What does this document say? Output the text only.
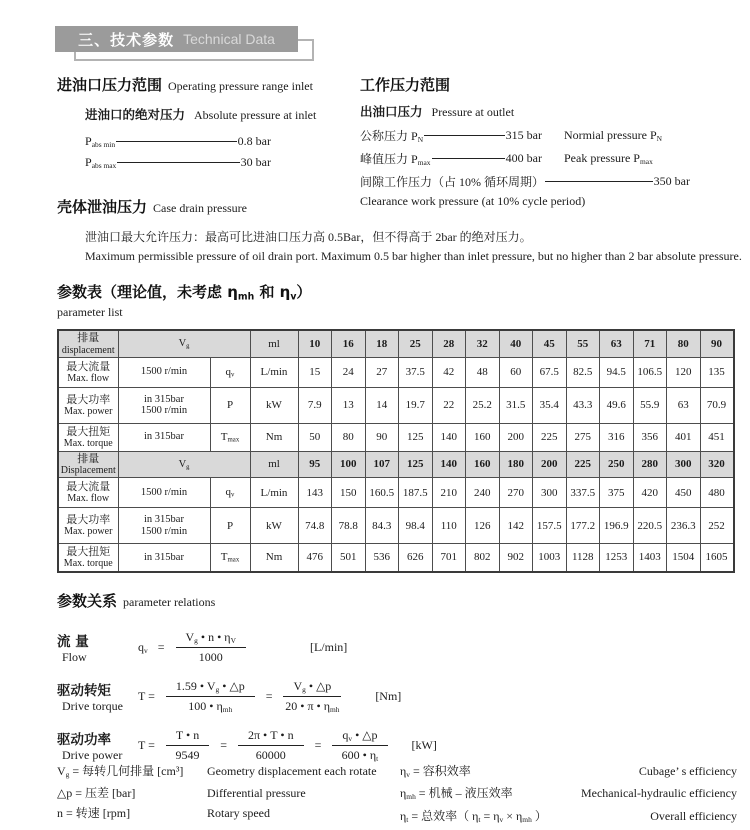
三、技术参数 Technical Data
进油口压力范围 Operating pressure range inlet
进油口的绝对压力 Absolute pressure at inlet
$P_{abs min}$	0.8 bar
$P_{abs max}$	30 bar
工作压力范围
出油口压力 Pressure at outlet
公称压力 $P_N$	315 bar Normial pressure $P_N$
峰值压力 $P_{max}$	400 bar Peak pressure $P_{max}$
间隙工作压力（占 10% 循环周期）	350 bar
Clearance work pressure (at 10% cycle period)
壳体泄油压力 Case drain pressure
泄油口最大允许压力：最高可比进油口压力高 0.5Bar，但不得高于 2bar 的绝对压力。
Maximum permissible pressure of oil drain port. Maximum 0.5 bar higher than inlet pressure, but no higher than 2 bar absolute pressure.
参数表（理论值，未考虑 $\eta_{mh}$ 和 $\eta_v$）
parameter list
排量
displacement	$V_g$		ml	10	16	18	25	28	32	40	45	55	63	71	80	90

最大流量
Max. flow	1500 r/min	$q_v$	L/min	15	24	27	37.5	42	48	60	67.5	82.5	94.5	106.5	120	135

最大功率
Max. power
	in 315bar
1500 r/min	P	kW	7.9	13	14	19.7	22	25.2	31.5	35.4	43.3	49.6	55.9	63	70.9

最大扭矩
Max. torque	in 315bar	$T_{max}$	Nm	50	80	90	125	140	160	200	225	275	316	356	401	451

排量
Displacement	$V_g$		ml	95	100	107	125	140	160	180	200	225	250	280	300	320

最大流量
Max. flow	1500 r/min	$q_v$	L/min	143	150	160.5	187.5	210	240	270	300	337.5	375	420	450	480

最大功率
Max. power
	in 315bar
1500 r/min	P	kW	74.8	78.8	84.3	98.4	110	126	142	157.5	177.2	196.9	220.5	236.3	252

最大扭矩
Max. torque	in 315bar	$T_{max}$	Nm	476	501	536	626	701	802	902	1003	1128	1253	1403	1504	1605
参数关系 parameter relations
流 量
Flow
$q_v = \frac{V_g • n • \eta_V}{1000}$	[L/min]
驱动转矩
Drive torque
$T = \frac{1.59 • V_g • \triangle p}{100 • \eta_{mh}} = \frac{V_g • \triangle p}{20 • \pi • \eta_{mh}}$	[Nm]
驱动功率
Drive power
$T = \frac{T • n}{9549} = \frac{2\pi • T • n}{60000} = \frac{q_v • \triangle p}{600 • \eta_t} [kW]$
$V_g$ = 每转几何排量 [cm³]	Geometry displacement each rotate
△p = 压差 [bar]	Differential pressure
n = 转速 [rpm]	Rotary speed
$\eta_v$ = 容积效率	Cubage’ s efficiency
$\eta_{mh}$ = 机械 – 液压效率	Mechanical-hydraulic efficiency
$\eta_t$ = 总效率（ $\eta_t = \eta_v \times \eta_{mh}$ ）	Overall efficiency
